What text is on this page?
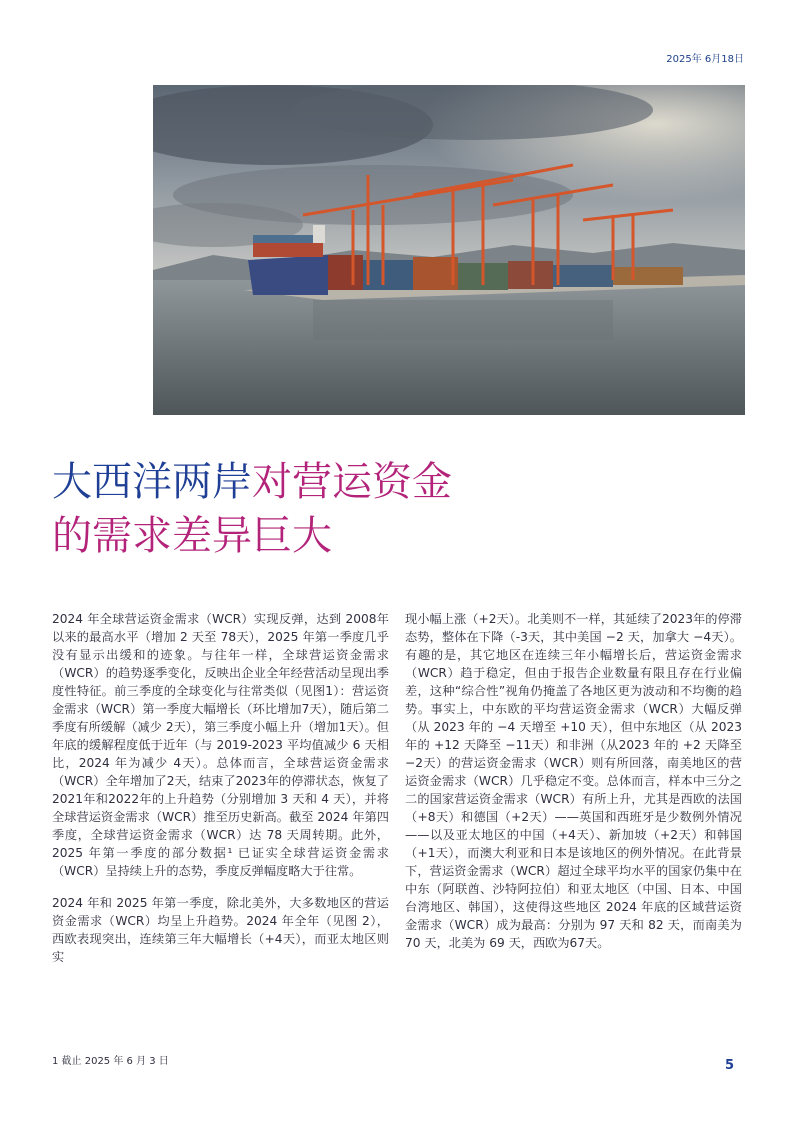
2025年 6月18日
大西洋两岸对营运资金
的需求差异巨大

2024 年全球营运资金需求（WCR）实现反弹，达到 2008年以来的最高水平（增加 2 天至 78天），2025 年第一季度几乎没有显示出缓和的迹象。与往年一样，全球营运资金需求（WCR）的趋势逐季变化，反映出企业全年经营活动呈现出季度性特征。前三季度的全球变化与往常类似（见图1）：营运资金需求（WCR）第一季度大幅增长（环比增加7天），随后第二季度有所缓解（减少 2天），第三季度小幅上升（增加1天）。但年底的缓解程度低于近年（与 2019-2023 平均值减少 6 天相比，2024 年为减少 4天）。总体而言，全球营运资金需求（WCR）全年增加了2天，结束了2023年的停滞状态，恢复了2021年和2022年的上升趋势（分别增加 3 天和 4 天），并将全球营运资金需求（WCR）推至历史新高。截至 2024 年第四季度，全球营运资金需求（WCR）达 78 天周转期。此外，2025 年第一季度的部分数据¹ 已证实全球营运资金需求（WCR）呈持续上升的态势，季度反弹幅度略大于往常。

2024 年和 2025 年第一季度，除北美外，大多数地区的营运资金需求（WCR）均呈上升趋势。2024 年全年（见图 2），西欧表现突出，连续第三年大幅增长（+4天），而亚太地区则实

现小幅上涨（+2天）。北美则不一样，其延续了2023年的停滞态势，整体在下降（-3天，其中美国 −2 天，加拿大 −4天）。有趣的是，其它地区在连续三年小幅增长后，营运资金需求（WCR）趋于稳定，但由于报告企业数量有限且存在行业偏差，这种“综合性”视角仍掩盖了各地区更为波动和不均衡的趋势。事实上，中东欧的平均营运资金需求（WCR）大幅反弹（从 2023 年的 −4 天增至 +10 天），但中东地区（从 2023 年的 +12 天降至 −11天）和非洲（从2023 年的 +2 天降至 −2天）的营运资金需求（WCR）则有所回落，南美地区的营运资金需求（WCR）几乎稳定不变。总体而言，样本中三分之二的国家营运资金需求（WCR）有所上升，尤其是西欧的法国（+8天）和德国（+2天）——英国和西班牙是少数例外情况——以及亚太地区的中国（+4天）、新加坡（+2天）和韩国（+1天），而澳大利亚和日本是该地区的例外情况。在此背景下，营运资金需求（WCR）超过全球平均水平的国家仍集中在中东（阿联酋、沙特阿拉伯）和亚太地区（中国、日本、中国台湾地区、韩国），这使得这些地区 2024 年底的区域营运资金需求（WCR）成为最高：分别为 97 天和 82 天，而南美为 70 天，北美为 69 天，西欧为67天。

1 截止 2025 年 6 月 3 日	5
